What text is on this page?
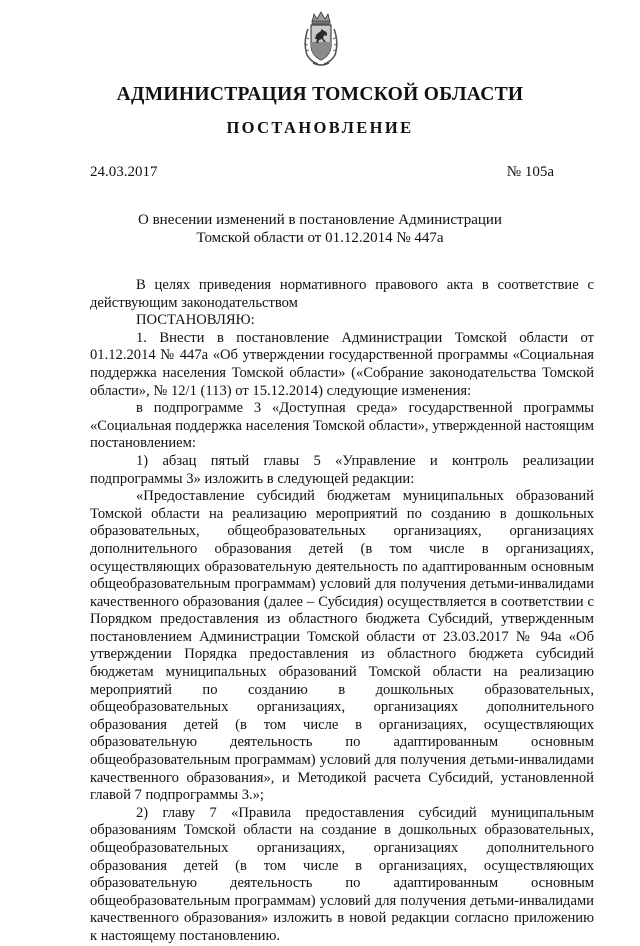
АДМИНИСТРАЦИЯ ТОМСКОЙ ОБЛАСТИ
ПОСТАНОВЛЕНИЕ
24.03.2017	№ 105а
О внесении изменений в постановление Администрации
Томской области от 01.12.2014 № 447а

В целях приведения нормативного правового акта в соответствие с действующим законодательством

ПОСТАНОВЛЯЮ:

1. Внести в постановление Администрации Томской области от 01.12.2014 № 447а «Об утверждении государственной программы «Социальная поддержка населения Томской области» («Собрание законодательства Томской области», № 12/1 (113) от 15.12.2014) следующие изменения:

в подпрограмме 3 «Доступная среда» государственной программы «Социальная поддержка населения Томской области», утвержденной настоящим постановлением:

1) абзац пятый главы 5 «Управление и контроль реализации подпрограммы 3» изложить в следующей редакции:

«Предоставление субсидий бюджетам муниципальных образований Томской области на реализацию мероприятий по созданию в дошкольных образовательных, общеобразовательных организациях, организациях дополнительного образования детей (в том числе в организациях, осуществляющих образовательную деятельность по адаптированным основным общеобразовательным программам) условий для получения детьми-инвалидами качественного образования (далее – Субсидия) осуществляется в соответствии с Порядком предоставления из областного бюджета Субсидий, утвержденным постановлением Администрации Томской области от 23.03.2017 № 94а «Об утверждении Порядка предоставления из областного бюджета субсидий бюджетам муниципальных образований Томской области на реализацию мероприятий по созданию в дошкольных образовательных, общеобразовательных организациях, организациях дополнительного образования детей (в том числе в организациях, осуществляющих образовательную деятельность по адаптированным основным общеобразовательным программам) условий для получения детьми-инвалидами качественного образования», и Методикой расчета Субсидий, установленной главой 7 подпрограммы 3.»;

2) главу 7 «Правила предоставления субсидий муниципальным образованиям Томской области на создание в дошкольных образовательных, общеобразовательных организациях, организациях дополнительного образования детей (в том числе в организациях, осуществляющих образовательную деятельность по адаптированным основным общеобразовательным программам) условий для получения детьми-инвалидами качественного образования» изложить в новой редакции согласно приложению к настоящему постановлению.
